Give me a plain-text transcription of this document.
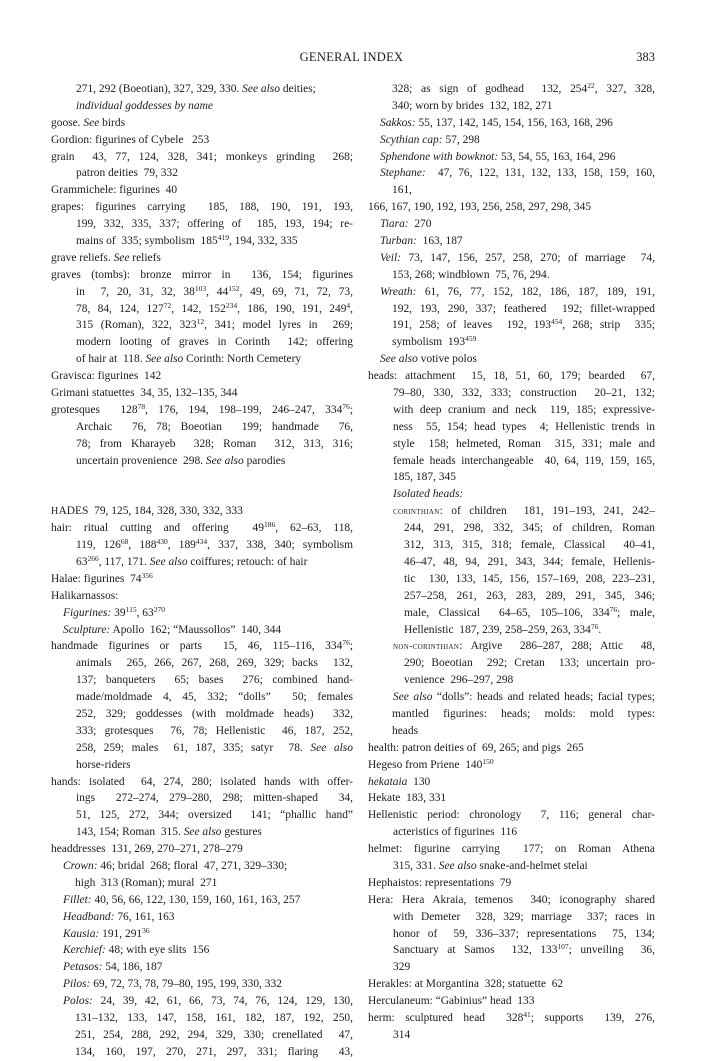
GENERAL INDEX	383
271, 292 (Boeotian), 327, 329, 330. See also deities;
individual goddesses by name
goose. See birds
Gordion: figurines of Cybele   253
grain  43, 77, 124, 328, 341; monkeys grinding  268;
patron deities  79, 332
Grammichele: figurines  40
grapes: figurines carrying  185, 188, 190, 191, 193,
199, 332, 335, 337; offering of  185, 193, 194; re-
mains of  335; symbolism  $185^{419}$, 194, 332, 335
grave reliefs. See reliefs
graves (tombs): bronze mirror in  136, 154; figurines
in  7, 20, 31, 32, $38^{103}$, $44^{152}$, 49, 69, 71, 72, 73,
78, 84, 124, $127^{72}$, 142, $152^{234}$, 186, 190, 191, $249^4$,
315 (Roman), 322, $323^{12}$, 341; model lyres in  269;
modern looting of graves in Corinth  142; offering
of hair at  118. See also Corinth: North Cemetery
Gravisca: figurines  142
Grimani statuettes  34, 35, 132–135, 344
grotesques  $128^{78}$, 176, 194, 198–199, 246–247, $334^{76}$;
Archaic  76, 78; Boeotian  199; handmade  76,
78; from Kharayeb  328; Roman  312, 313, 316;
uncertain provenience  298. See also parodies
HADES  79, 125, 184, 328, 330, 332, 333
hair: ritual cutting and offering  $49^{186}$, 62–63, 118,
119, $126^{68}$, $188^{430}$, $189^{434}$, 337, 338, 340; symbolism
$63^{266}$, 117, 171. See also coiffures; retouch: of hair
Halae: figurines  $74^{356}$
Halikarnassos:
Figurines: $39^{115}$, $63^{270}$
Sculpture: Apollo  162; “Maussollos”  140, 344
handmade figurines or parts  15, 46, 115–116, $334^{76}$;
animals  265, 266, 267, 268, 269, 329; backs  132,
137; banqueters  65; bases  276; combined hand-
made/moldmade 4, 45, 332; “dolls”  50; females
252, 329; goddesses (with moldmade heads)  332,
333; grotesques  76, 78; Hellenistic  46, 187, 252,
258, 259; males  61, 187, 335; satyr  78. See also
horse-riders
hands: isolated  64, 274, 280; isolated hands with offer-
ings  272–274, 279–280, 298; mitten-shaped  34,
51, 125, 272, 344; oversized  141; “phallic hand”
143, 154; Roman  315. See also gestures
headdresses  131, 269, 270–271, 278–279
Crown: 46; bridal  268; floral  47, 271, 329–330;
high  313 (Roman); mural  271
Fillet: 40, 56, 66, 122, 130, 159, 160, 161, 163, 257
Headband: 76, 161, 163
Kausia: 191, $291^{36}$
Kerchief: 48; with eye slits  156
Petasos: 54, 186, 187
Pilos: 69, 72, 73, 78, 79–80, 195, 199, 330, 332
Polos: 24, 39, 42, 61, 66, 73, 74, 76, 124, 129, 130,
131–132, 133, 147, 158, 161, 182, 187, 192, 250,
251, 254, 288, 292, 294, 329, 330; crenellated  47,
134, 160, 197, 270, 271, 297, 331; flaring  43,
328; as sign of godhead  132, $254^{22}$, 327, 328,
340; worn by brides  132, 182, 271
Sakkos: 55, 137, 142, 145, 154, 156, 163, 168, 296
Scythian cap: 57, 298
Sphendone with bowknot: 53, 54, 55, 163, 164, 296
Stephane:  47, 76, 122, 131, 132, 133, 158, 159, 160,
161,
166, 167, 190, 192, 193, 256, 258, 297, 298, 345
Tiara:  270
Turban:  163, 187
Veil: 73, 147, 156, 257, 258, 270; of marriage  74,
153, 268; windblown  75, 76, 294.
Wreath: 61, 76, 77, 152, 182, 186, 187, 189, 191,
192, 193, 290, 337; feathered  192; fillet-wrapped
191, 258; of leaves  192, $193^{454}$, 268; strip  335;
symbolism  $193^{459}$
See also votive polos
heads: attachment  15, 18, 51, 60, 179; bearded  67,
79–80, 330, 332, 333; construction  20–21, 132;
with deep cranium and neck  119, 185; expressive-
ness  55, 154; head types  4; Hellenistic trends in
style  158; helmeted, Roman  315, 331; male and
female heads interchangeable  40, 64, 119, 159, 165,
185, 187, 345
Isolated heads:
corinthian: of children  181, 191–193, 241, 242–
244, 291, 298, 332, 345; of children, Roman
312, 313, 315, 318; female, Classical  40–41,
46–47, 48, 94, 291, 343, 344; female, Hellenis-
tic  130, 133, 145, 156, 157–169, 208, 223–231,
257–258, 261, 263, 283, 289, 291, 345, 346;
male, Classical  64–65, 105–106, $334^{76}$; male,
Hellenistic  187, 239, 258–259, 263, $334^{76}$.
non-corinthian: Argive  286–287, 288; Attic  48,
290; Boeotian  292; Cretan  133; uncertain pro-
venience  296–297, 298
See also “dolls”: heads and related heads; facial types;
mantled figurines: heads; molds: mold types:
heads
health: patron deities of  69, 265; and pigs  265
Hegeso from Priene  $140^{150}$
hekataia  130
Hekate  183, 331
Hellenistic period: chronology  7, 116; general char-
acteristics of figurines  116
helmet: figurine carrying  177; on Roman Athena
315, 331. See also snake-and-helmet stelai
Hephaistos: representations  79
Hera: Hera Akraia, temenos  340; iconography shared
with Demeter  328, 329; marriage  337; races in
honor of  59, 336–337; representations  75, 134;
Sanctuary at Samos  132, $133^{107}$; unveiling  36,
329
Herakles: at Morgantina  328; statuette  62
Herculaneum: “Gabinius” head  133
herm: sculptured head  $328^{41}$; supports  139, 276,
314
